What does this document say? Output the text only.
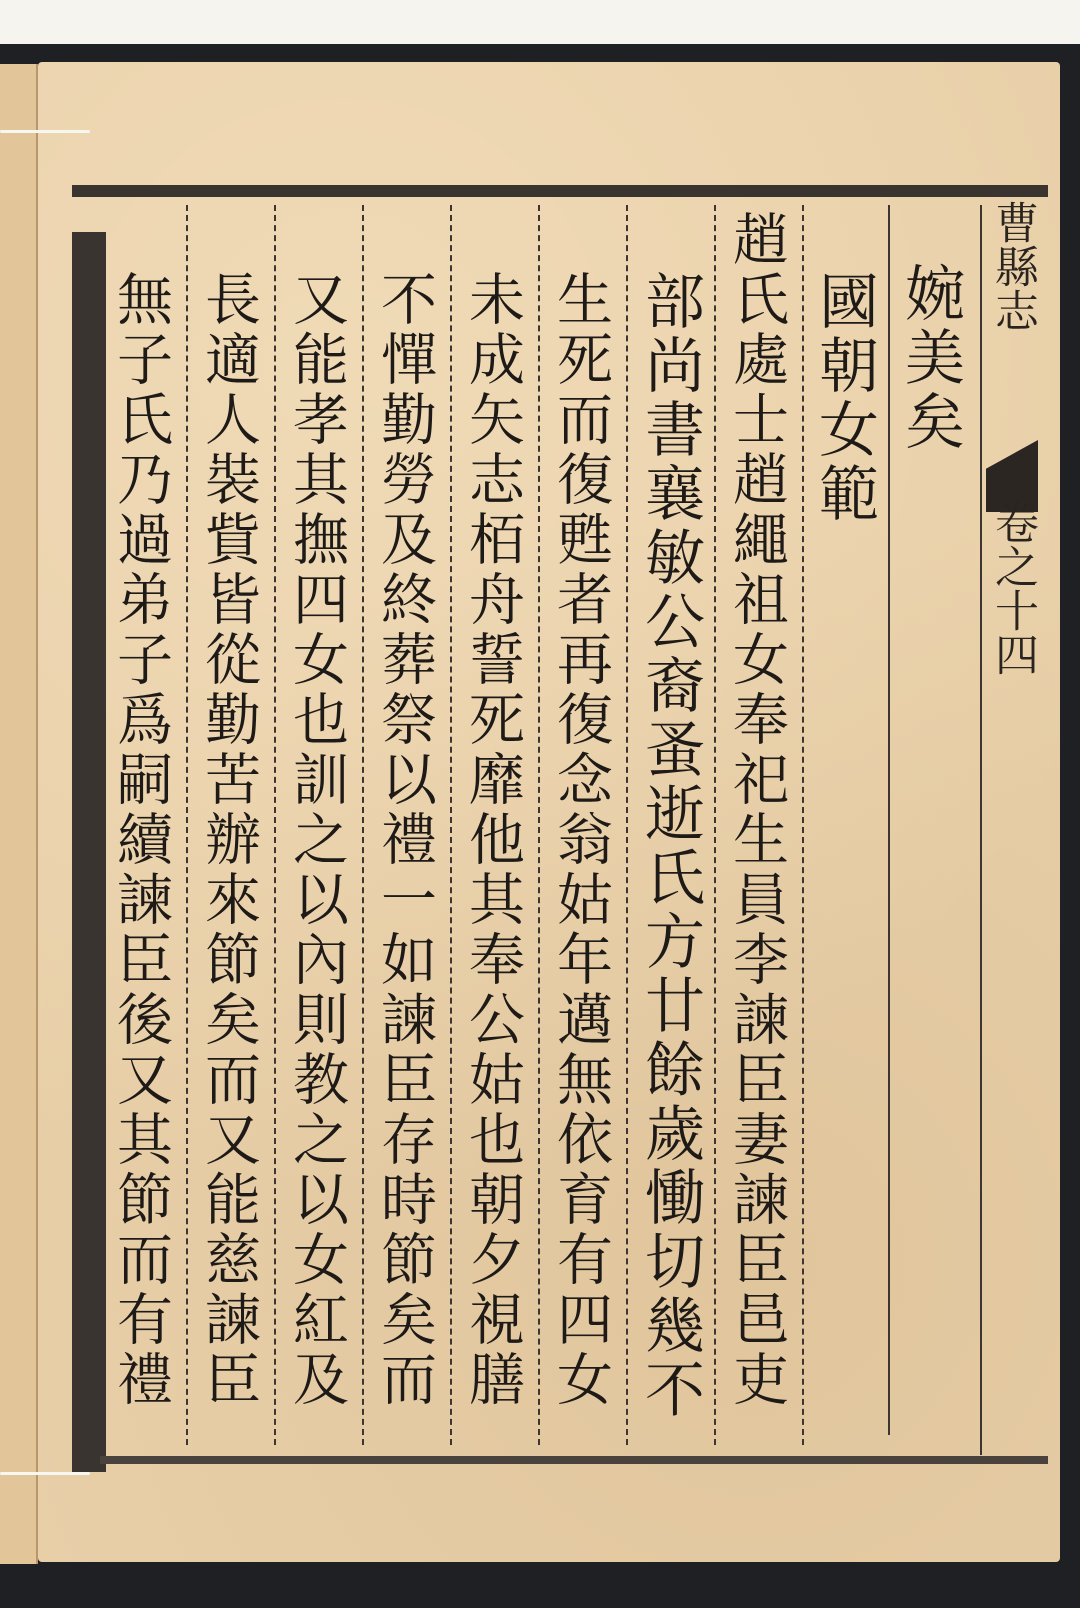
曹縣志
卷之十四
婉美矣
國朝女範
趙氏處士趙繩祖女奉祀生員李諫臣妻諫臣邑吏
部尚書襄敏公裔蚤逝氏方廿餘歲慟切幾不
生死而復甦者再復念翁姑年邁無依育有四女
未成矢志栢舟誓死靡他其奉公姑也朝夕視膳
不憚勤勞及終葬祭以禮一如諫臣存時節矣而
又能孝其撫四女也訓之以內則教之以女紅及
長適人裝貲皆從勤苦辦來節矣而又能慈諫臣
無子氏乃過弟子爲嗣續諫臣後又其節而有禮
